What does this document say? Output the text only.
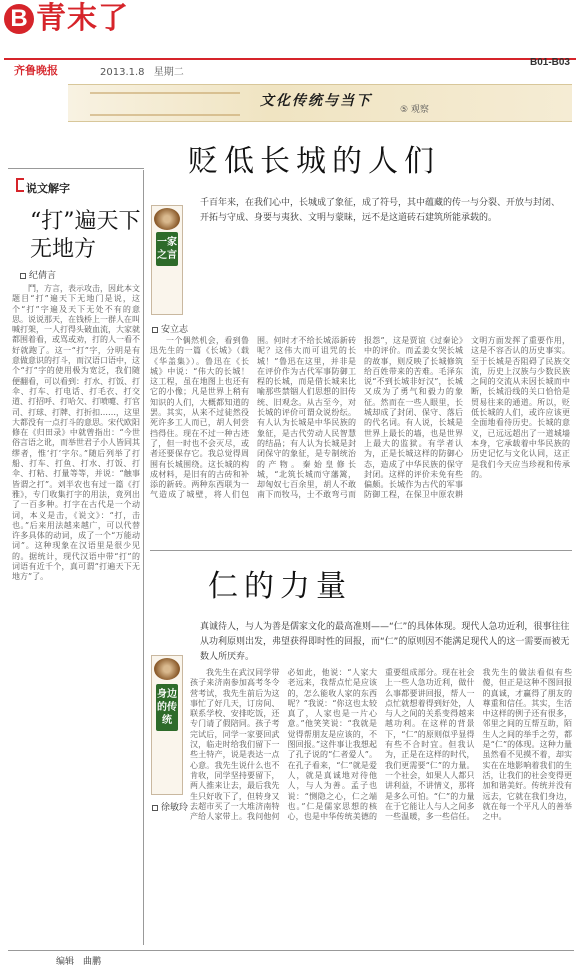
B 青末了
齐鲁晚报	2013.1.8 星期二
B01-B03
文化传统与当下
⑤ 观察
说文解字
“打”遍天下
无地方
纪倩言

鬥，方言，表示攻击，因此本文题目“打”遍天下无地门是说，这个“打”字遍及天下无处不有的意思。说说那天，在钱桥上一群人在叫喊打架，一人打得头破血流，大家就都围着看，或骂或劝，打的人一看不好就跑了。这一“打”字，分明是有意做意识的打斗，而汉语口语中，这个“打”字的使用极为宽泛，我们随便翻看，可以看到：打水、打饭、打伞、打车、打电话、打毛衣、打交道、打招呼、打哈欠、打喷嚏、打官司、打球、打牌、打折扣……，这里大都没有一点打斗的意思。宋代欧阳修在《归田录》中就曾指出：“今世俗言语之讹，而举世君子小人皆同其缪者，惟‘打’字尔。”随后列举了打船、打车、打鱼、打水、打饭、打伞、打粘、打量等等，并说：“触事皆谓之打”。刘半农也有过一篇《打雅》，专门收集打字的用法，竟列出了一百多种。打字在古代是一个动词，本义是击，《说文》：“打，击也。”后来用法越来越广，可以代替许多具体的动词，成了一个“万能动词”。这种现象在汉语里是很少见的。据统计，现代汉语中带“打”的词语有近千个，真可谓“打遍天下无地方”了。

贬低长城的人们
千百年来，在我们心中，长城成了象征，成了符号，其中蕴藏的传一与分裂、开放与封闭、开拓与守成、身要与夷狄、文明与蒙昧，远不是这道砖石建筑所能承载的。
一家之言
安立志

一个偶然机会，看到鲁迅先生的一篇《长城》（载《华盖集》）。鲁迅在《长城》中说：“伟大的长城！这工程，虽在地图上也还有它的小像；凡是世界上稍有知识的人们，大概都知道的罢。其实，从来不过徒然役死许多工人而已，胡人何尝挡得住。现在不过一种古迹了，但一时也不会灭尽，或者还要保存它。我总觉得周围有长城围绕。这长城的构成材料，是旧有的古砖和补添的新砖。两种东西联为一气造成了城壁，将人们包围。何时才不给长城添新砖呢？这伟大而可诅咒的长城！”鲁迅在这里，并非是在评价作为古代军事防御工程的长城，而是借长城来比喻那些禁锢人们思想的旧传统、旧观念。从古至今，对长城的评价可谓众说纷纭。有人认为长城是中华民族的象征，是古代劳动人民智慧的结晶；有人认为长城是封闭保守的象征，是专制统治的产物。秦始皇修长城，“北筑长城而守藩篱，却匈奴七百余里，胡人不敢南下而牧马，士不敢弯弓而报怨”，这是贾谊《过秦论》中的评价。而孟姜女哭长城的故事，则反映了长城修筑给百姓带来的苦难。毛泽东说“不到长城非好汉”，长城又成为了勇气和毅力的象征。然而在一些人眼里，长城却成了封闭、保守、落后的代名词。有人说，长城是世界上最长的墙，也是世界上最大的监狱。有学者认为，正是长城这样的防御心态，造成了中华民族的保守封闭。这样的评价未免有些偏颇。长城作为古代的军事防御工程，在保卫中原农耕文明方面发挥了重要作用，这是不容否认的历史事实。至于长城是否阻碍了民族交流，历史上汉族与少数民族之间的交流从未因长城而中断，长城沿线的关口恰恰是贸易往来的通道。所以，贬低长城的人们，或许应该更全面地看待历史。长城的意义，已远远超出了一道城墙本身，它承载着中华民族的历史记忆与文化认同，这正是我们今天应当珍视和传承的。

仁的力量
真诚待人，与人为善是儒家文化的最高准则——“仁”的具体体现。现代人急功近利，很事往往从功利原则出发，弗望获得即时性的回报，而“仁”的原则因不能满足现代人的这一需要而被无数人所厌弃。
身边的传统
徐敏玲

我先生在武汉同学带孩子来济南参加高考冬令营考试，我先生前后为这事忙了好几天，订房间、联系学校、安排吃饭，还专门请了假陪同。孩子考完试后，同学一家要回武汉，临走时给我们留下一些土特产，说是表达一点心意。我先生说什么也不肯收，同学坚持要留下，两人推来让去，最后我先生只好收下了，但转身又去超市买了一大堆济南特产给人家带上。我问他何必如此，他说：“人家大老远来，我帮点忙是应该的，怎么能收人家的东西呢？”我说：“你这也太较真了，人家也是一片心意。”他笑笑说：“我就是觉得帮朋友是应该的，不图回报。”这件事让我想起了孔子说的“仁者爱人”。在孔子看来，“仁”就是爱人，就是真诚地对待他人，与人为善。孟子也说：“恻隐之心，仁之端也。”仁是儒家思想的核心，也是中华传统美德的重要组成部分。现在社会上一些人急功近利，做什么事都要讲回报，帮人一点忙就想着得到好处，人与人之间的关系变得越来越功利。在这样的背景下，“仁”的原则似乎显得有些不合时宜。但我认为，正是在这样的时代，我们更需要“仁”的力量。一个社会，如果人人都只讲利益，不讲情义，那将是多么可怕。“仁”的力量在于它能让人与人之间多一些温暖，多一些信任。我先生的做法看似有些傻，但正是这种不图回报的真诚，才赢得了朋友的尊重和信任。其实，生活中这样的例子还有很多，邻里之间的互帮互助，陌生人之间的举手之劳，都是“仁”的体现。这种力量虽然看不见摸不着，却实实在在地影响着我们的生活，让我们的社会变得更加和谐美好。传统并没有远去，它就在我们身边，就在每一个平凡人的善举之中。

编辑　曲鹏
